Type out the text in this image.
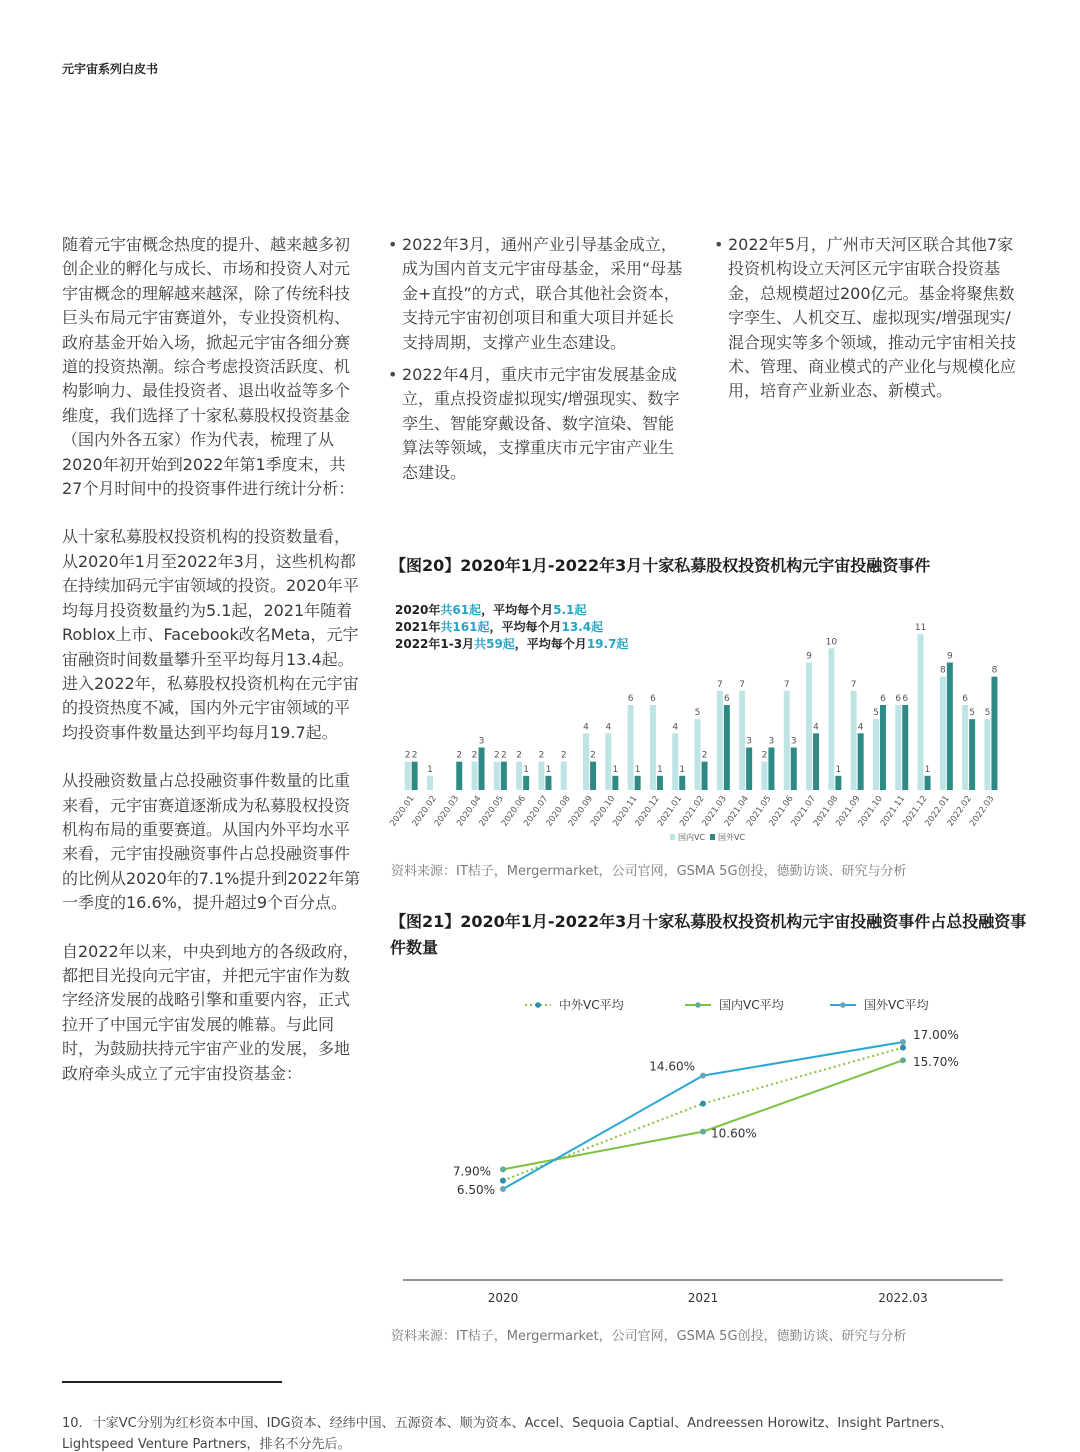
元宇宙系列白皮书

随着元宇宙概念热度的提升、越来越多初创企业的孵化与成长、市场和投资人对元宇宙概念的理解越来越深，除了传统科技巨头布局元宇宙赛道外，专业投资机构、政府基金开始入场，掀起元宇宙各细分赛道的投资热潮。综合考虑投资活跃度、机构影响力、最佳投资者、退出收益等多个维度，我们选择了十家私募股权投资基金（国内外各五家）作为代表，梳理了从2020年初开始到2022年第1季度末，共27个月时间中的投资事件进行统计分析：

从十家私募股权投资机构的投资数量看，从2020年1月至2022年3月，这些机构都在持续加码元宇宙领域的投资。2020年平均每月投资数量约为5.1起，2021年随着Roblox上市、Facebook改名Meta，元宇宙融资时间数量攀升至平均每月13.4起。进入2022年，私募股权投资机构在元宇宙的投资热度不减，国内外元宇宙领域的平均投资事件数量达到平均每月19.7起。

从投融资数量占总投融资事件数量的比重来看，元宇宙赛道逐渐成为私募股权投资机构布局的重要赛道。从国内外平均水平来看，元宇宙投融资事件占总投融资事件的比例从2020年的7.1%提升到2022年第一季度的16.6%，提升超过9个百分点。

自2022年以来，中央到地方的各级政府，都把目光投向元宇宙，并把元宇宙作为数字经济发展的战略引擎和重要内容，正式拉开了中国元宇宙发展的帷幕。与此同时，为鼓励扶持元宇宙产业的发展，多地政府牵头成立了元宇宙投资基金：

• 2022年3月，通州产业引导基金成立，成为国内首支元宇宙母基金，采用“母基金+直投”的方式，联合其他社会资本，支持元宇宙初创项目和重大项目并延长支持周期，支撑产业生态建设。
• 2022年4月，重庆市元宇宙发展基金成立，重点投资虚拟现实/增强现实、数字孪生、智能穿戴设备、数字渲染、智能算法等领域，支撑重庆市元宇宙产业生态建设。
• 2022年5月，广州市天河区联合其他7家投资机构设立天河区元宇宙联合投资基金，总规模超过200亿元。基金将聚焦数字孪生、人机交互、虚拟现实/增强现实/混合现实等多个领域，推动元宇宙相关技术、管理、商业模式的产业化与规模化应用，培育产业新业态、新模式。
【图20】2020年1月-2022年3月十家私募股权投资机构元宇宙投融资事件
2020年共61起，平均每个月5.1起
2021年共161起，平均每个月13.4起
2022年1-3月共59起，平均每个月19.7起
2 2
1
2 2
3
2 2 2
1
2
1
2
4
2
4
1
6
1
6
1
4
1
5
2
7
6
7
3
2
3
7
3
9
4
10
1
7
4
5
6 6 6
11
1
8
9
6
5 5
8
2020.01
2020.02
2020.03
2020.04
2020.05
2020.06
2020.07
2020.08
2020.09
2020.10
2020.11
2020.12
2021.01
2021.02
2021.03
2021.04
2021.05
2021.06
2021.07
2021.08
2021.09
2021.10
2021.11
2021.12
2022.01
2022.02
2022.03
国内VC 国外VC
资料来源：IT桔子，Mergermarket，公司官网，GSMA 5G创投，德勤访谈、研究与分析
【图21】2020年1月-2022年3月十家私募股权投资机构元宇宙投融资事件占总投融资事件数量
中外VC平均	国内VC平均	国外VC平均
7.90%
10.60%
15.70%
6.50%
14.60%
17.00%
2020	2021	2022.03
资料来源：IT桔子，Mergermarket，公司官网，GSMA 5G创投，德勤访谈、研究与分析
10. 十家VC分别为红杉资本中国、IDG资本、经纬中国、五源资本、顺为资本、Accel、Sequoia Captial、Andreessen Horowitz、Insight Partners、Lightspeed Venture Partners，排名不分先后。
